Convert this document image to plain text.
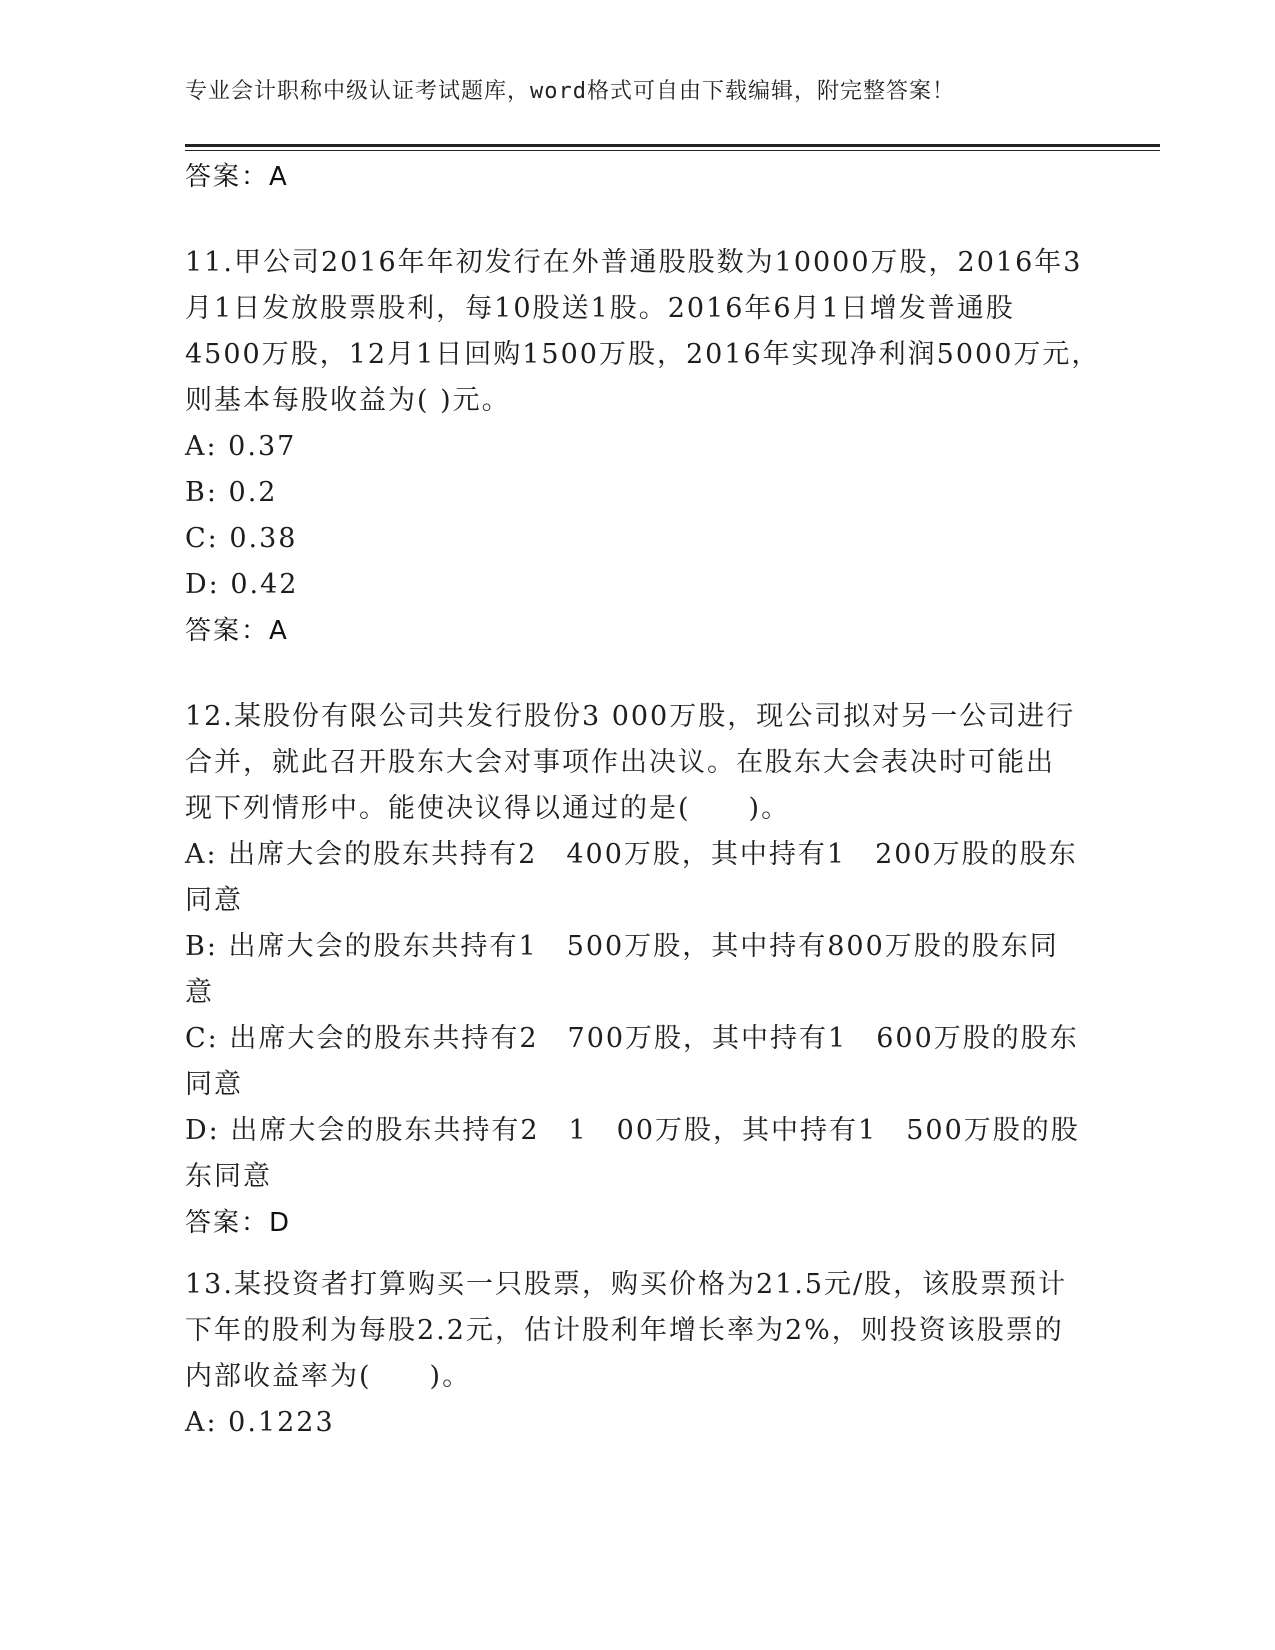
专业会计职称中级认证考试题库，word格式可自由下载编辑，附完整答案！
答案：A
11.甲公司2016年年初发行在外普通股股数为10000万股，2016年3
月1日发放股票股利，每10股送1股。2016年6月1日增发普通股
4500万股，12月1日回购1500万股，2016年实现净利润5000万元，
则基本每股收益为( )元。
A: 0.37
B: 0.2
C: 0.38
D: 0.42
答案：A
12.某股份有限公司共发行股份3 000万股，现公司拟对另一公司进行
合并，就此召开股东大会对事项作出决议。在股东大会表决时可能出
现下列情形中。能使决议得以通过的是(　　)。
A: 出席大会的股东共持有2　400万股，其中持有1　200万股的股东
同意
B: 出席大会的股东共持有1　500万股，其中持有800万股的股东同
意
C: 出席大会的股东共持有2　700万股，其中持有1　600万股的股东
同意
D: 出席大会的股东共持有2　1　00万股，其中持有1　500万股的股
东同意
答案：D
13.某投资者打算购买一只股票，购买价格为21.5元/股，该股票预计
下年的股利为每股2.2元，估计股利年增长率为2%，则投资该股票的
内部收益率为(　　)。
A: 0.1223
